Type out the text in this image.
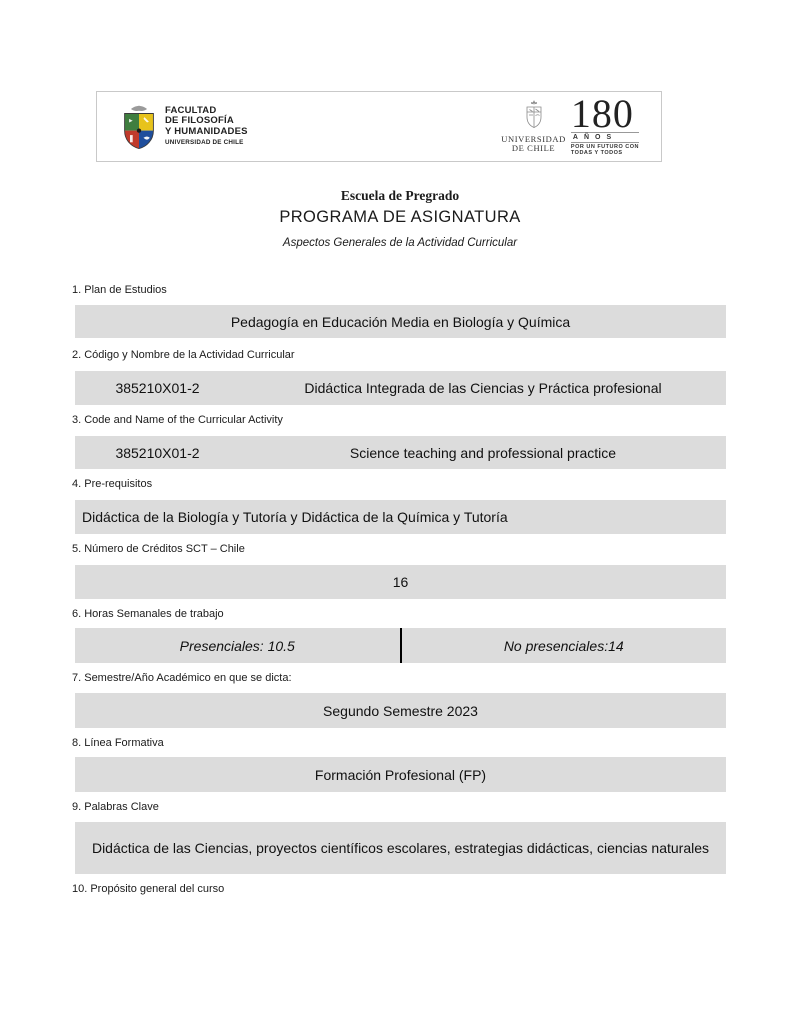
FACULTAD
DE FILOSOFÍA
Y HUMANIDADES
UNIVERSIDAD DE CHILE	UNIVERSIDAD
DE CHILE
180
AÑOS
POR UN FUTURO CON
TODAS Y TODOS
Escuela de Pregrado
PROGRAMA DE ASIGNATURA
Aspectos Generales de la Actividad Curricular
1. Plan de Estudios
Pedagogía en Educación Media en Biología y Química
2. Código y Nombre de la Actividad Curricular
385210X01-2	Didáctica Integrada de las Ciencias y Práctica profesional
3. Code and Name of the Curricular Activity
385210X01-2	Science teaching and professional practice
4. Pre-requisitos
Didáctica de la Biología y Tutoría y Didáctica de la Química y Tutoría
5. Número de Créditos SCT – Chile
16
6. Horas Semanales de trabajo
Presenciales: 10.5	No presenciales:14
7. Semestre/Año Académico en que se dicta:
Segundo Semestre 2023
8. Línea Formativa
Formación Profesional (FP)
9. Palabras Clave
Didáctica de las Ciencias, proyectos científicos escolares, estrategias didácticas, ciencias naturales
10. Propósito general del curso
